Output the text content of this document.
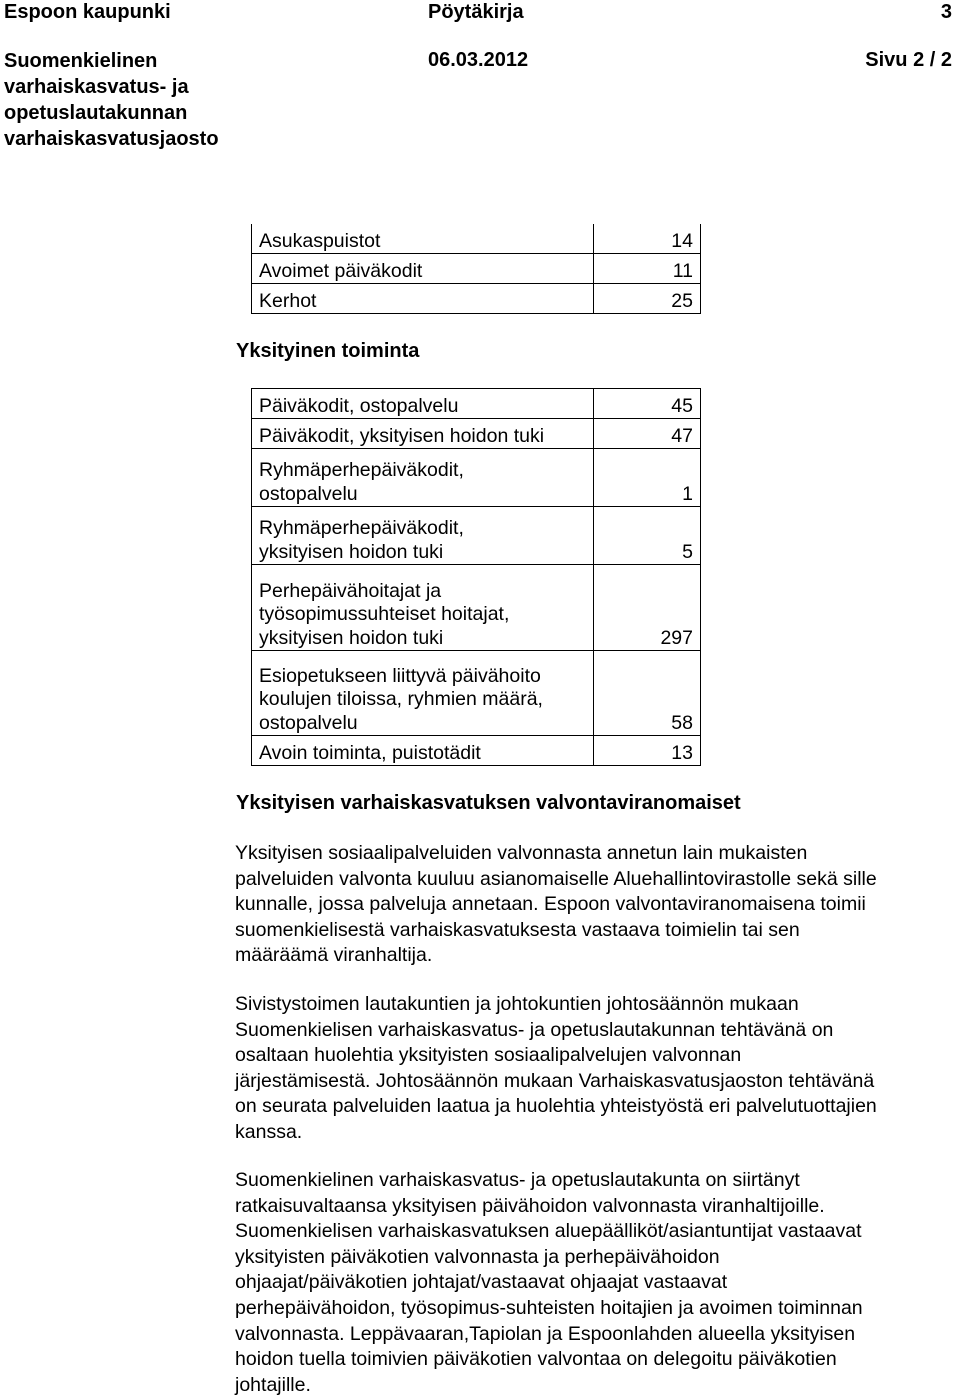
Espoon kaupunki	Pöytäkirja	3
Suomenkielinen
varhaiskasvatus- ja
opetuslautakunnan
varhaiskasvatusjaosto
06.03.2012	Sivu 2 / 2
Asukaspuistot	14
Avoimet päiväkodit	11
Kerhot	25
Yksityinen toiminta
Päiväkodit, ostopalvelu	45
Päiväkodit, yksityisen hoidon tuki	47

Ryhmäperhepäiväkodit,
ostopalvelu	1

Ryhmäperhepäiväkodit,
yksityisen hoidon tuki	5

Perhepäivähoitajat ja
työsopimussuhteiset hoitajat,
yksityisen hoidon tuki	297

Esiopetukseen liittyvä päivähoito
koulujen tiloissa, ryhmien määrä,
ostopalvelu	58
Avoin toiminta, puistotädit	13
Yksityisen varhaiskasvatuksen valvontaviranomaiset
Yksityisen sosiaalipalveluiden valvonnasta annetun lain mukaisten
palveluiden valvonta kuuluu asianomaiselle Aluehallintovirastolle sekä sille
kunnalle, jossa palveluja annetaan. Espoon valvontaviranomaisena toimii
suomenkielisestä varhaiskasvatuksesta vastaava toimielin tai sen
määräämä viranhaltija.
Sivistystoimen lautakuntien ja johtokuntien johtosäännön mukaan
Suomenkielisen varhaiskasvatus- ja opetuslautakunnan tehtävänä on
osaltaan huolehtia yksityisten sosiaalipalvelujen valvonnan
järjestämisestä. Johtosäännön mukaan Varhaiskasvatusjaoston tehtävänä
on seurata palveluiden laatua ja huolehtia yhteistyöstä eri palvelutuottajien
kanssa.
Suomenkielinen varhaiskasvatus- ja opetuslautakunta on siirtänyt
ratkaisuvaltaansa yksityisen päivähoidon valvonnasta viranhaltijoille.
Suomenkielisen varhaiskasvatuksen aluepäälliköt/asiantuntijat vastaavat
yksityisten päiväkotien valvonnasta ja perhepäivähoidon
ohjaajat/päiväkotien johtajat/vastaavat ohjaajat vastaavat
perhepäivähoidon, työsopimus-suhteisten hoitajien ja avoimen toiminnan
valvonnasta. Leppävaaran,Tapiolan ja Espoonlahden alueella yksityisen
hoidon tuella toimivien päiväkotien valvontaa on delegoitu päiväkotien
johtajille.
